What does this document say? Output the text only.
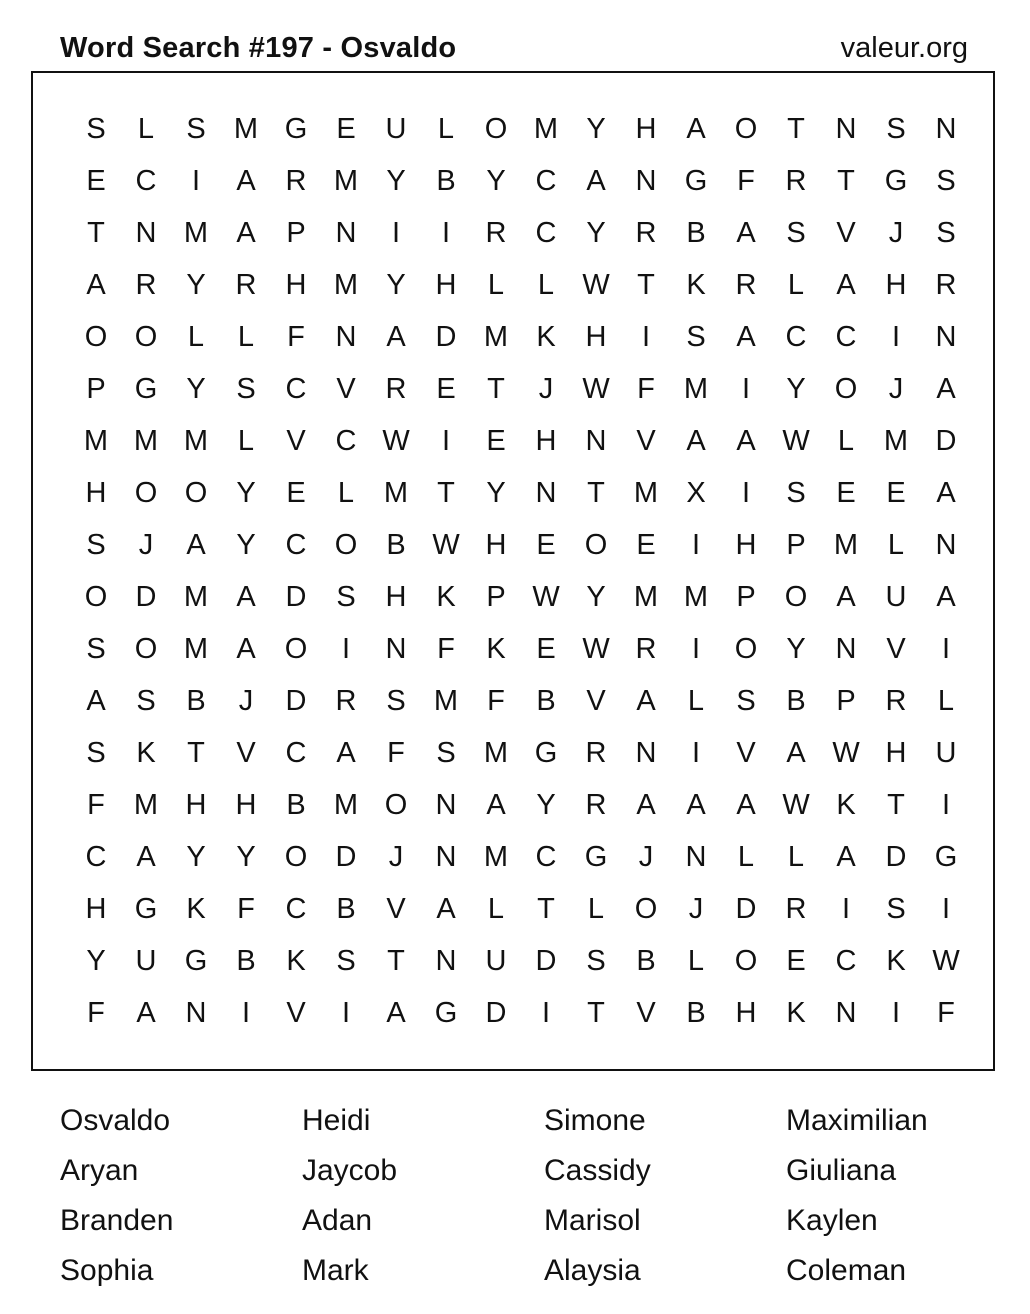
Word Search #197 - Osvaldo	valeur.org
S	L	S M G	E	U	L	O M Y	H	A	O	T	N	S	N
E	C	I	A	R M Y	B	Y	C	A	N G	F	R	T	G	S
T	N M A	P	N	I	I	R	C	Y	R	B	A	S	V	J	S
A	R	Y	R	H M Y	H	L	L W T	K	R	L	A	H	R
O O	L	L	F	N	A	D M K	H	I	S	A	C	C	I	N
P	G	Y	S	C	V	R	E	T	J	W F	M	I	Y	O	J	A
M M M	L	V	C W	I	E	H	N	V	A	A W L	M D
H O O	Y	E	L	M	T	Y	N	T	M X	I	S	E	E	A
S	J	A	Y	C O	B W H	E	O	E	I	H	P M	L	N
O D M A	D	S	H	K	P W Y M M P	O	A	U	A
S	O M A	O	I	N	F	K	E W R	I	O	Y	N	V	I
A	S	B	J	D	R	S M	F	B	V	A	L	S	B	P	R	L
S	K	T	V	C	A	F	S M G R	N	I	V	A W H	U
F	M H	H	B M O N	A	Y	R	A	A	A W K	T	I
C	A	Y	Y	O D	J	N M C G	J	N	L	L	A	D G
H G	K	F	C	B	V	A	L	T	L	O	J	D	R	I	S	I
Y	U G	B	K	S	T	N	U	D	S	B	L	O	E	C	K W
F	A	N	I	V	I	A	G D	I	T	V	B	H	K	N	I	F
Osvaldo	Heidi	Simone	Maximilian
Aryan	Jaycob	Cassidy	Giuliana
Branden	Adan	Marisol	Kaylen
Sophia	Mark	Alaysia	Coleman
